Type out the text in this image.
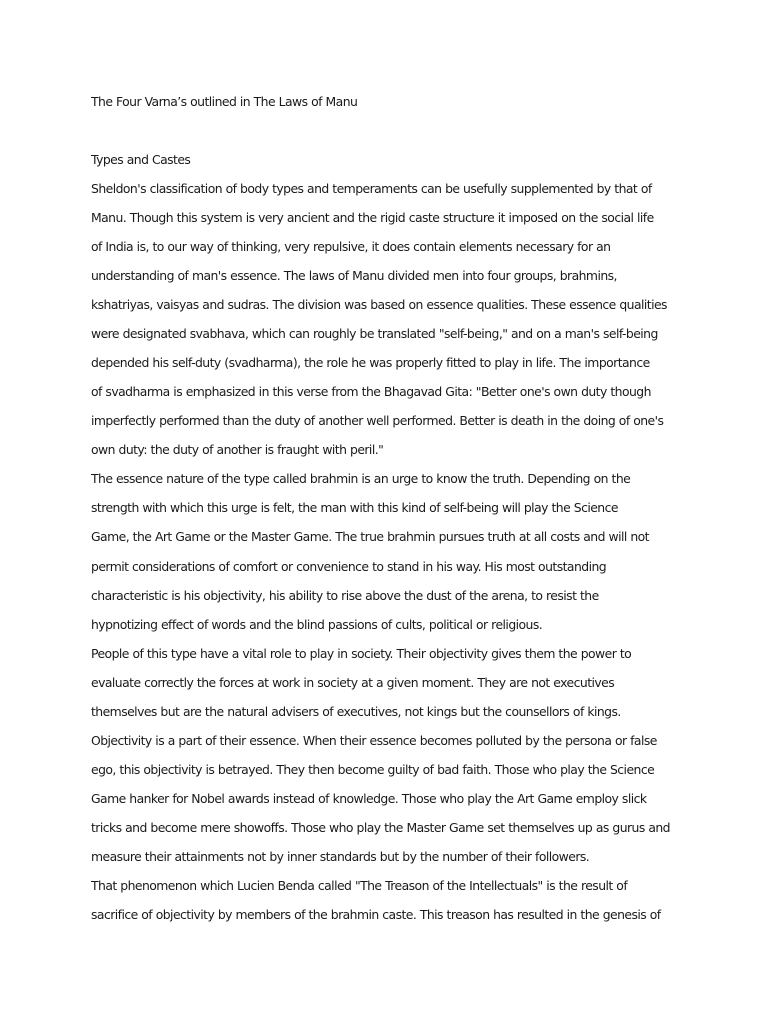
The Four Varna’s outlined in The Laws of Manu
Types and Castes
Sheldon's classification of body types and temperaments can be usefully supplemented by that of
Manu. Though this system is very ancient and the rigid caste structure it imposed on the social life
of India is, to our way of thinking, very repulsive, it does contain elements necessary for an
understanding of man's essence. The laws of Manu divided men into four groups, brahmins,
kshatriyas, vaisyas and sudras. The division was based on essence qualities. These essence qualities
were designated svabhava, which can roughly be translated "self-being," and on a man's self-being
depended his self-duty (svadharma), the role he was properly fitted to play in life. The importance
of svadharma is emphasized in this verse from the Bhagavad Gita: "Better one's own duty though
imperfectly performed than the duty of another well performed. Better is death in the doing of one's
own duty: the duty of another is fraught with peril."
The essence nature of the type called brahmin is an urge to know the truth. Depending on the
strength with which this urge is felt, the man with this kind of self-being will play the Science
Game, the Art Game or the Master Game. The true brahmin pursues truth at all costs and will not
permit considerations of comfort or convenience to stand in his way. His most outstanding
characteristic is his objectivity, his ability to rise above the dust of the arena, to resist the
hypnotizing effect of words and the blind passions of cults, political or religious.
People of this type have a vital role to play in society. Their objectivity gives them the power to
evaluate correctly the forces at work in society at a given moment. They are not executives
themselves but are the natural advisers of executives, not kings but the counsellors of kings.
Objectivity is a part of their essence. When their essence becomes polluted by the persona or false
ego, this objectivity is betrayed. They then become guilty of bad faith. Those who play the Science
Game hanker for Nobel awards instead of knowledge. Those who play the Art Game employ slick
tricks and become mere showoffs. Those who play the Master Game set themselves up as gurus and
measure their attainments not by inner standards but by the number of their followers.
That phenomenon which Lucien Benda called "The Treason of the Intellectuals" is the result of
sacrifice of objectivity by members of the brahmin caste. This treason has resulted in the genesis of
